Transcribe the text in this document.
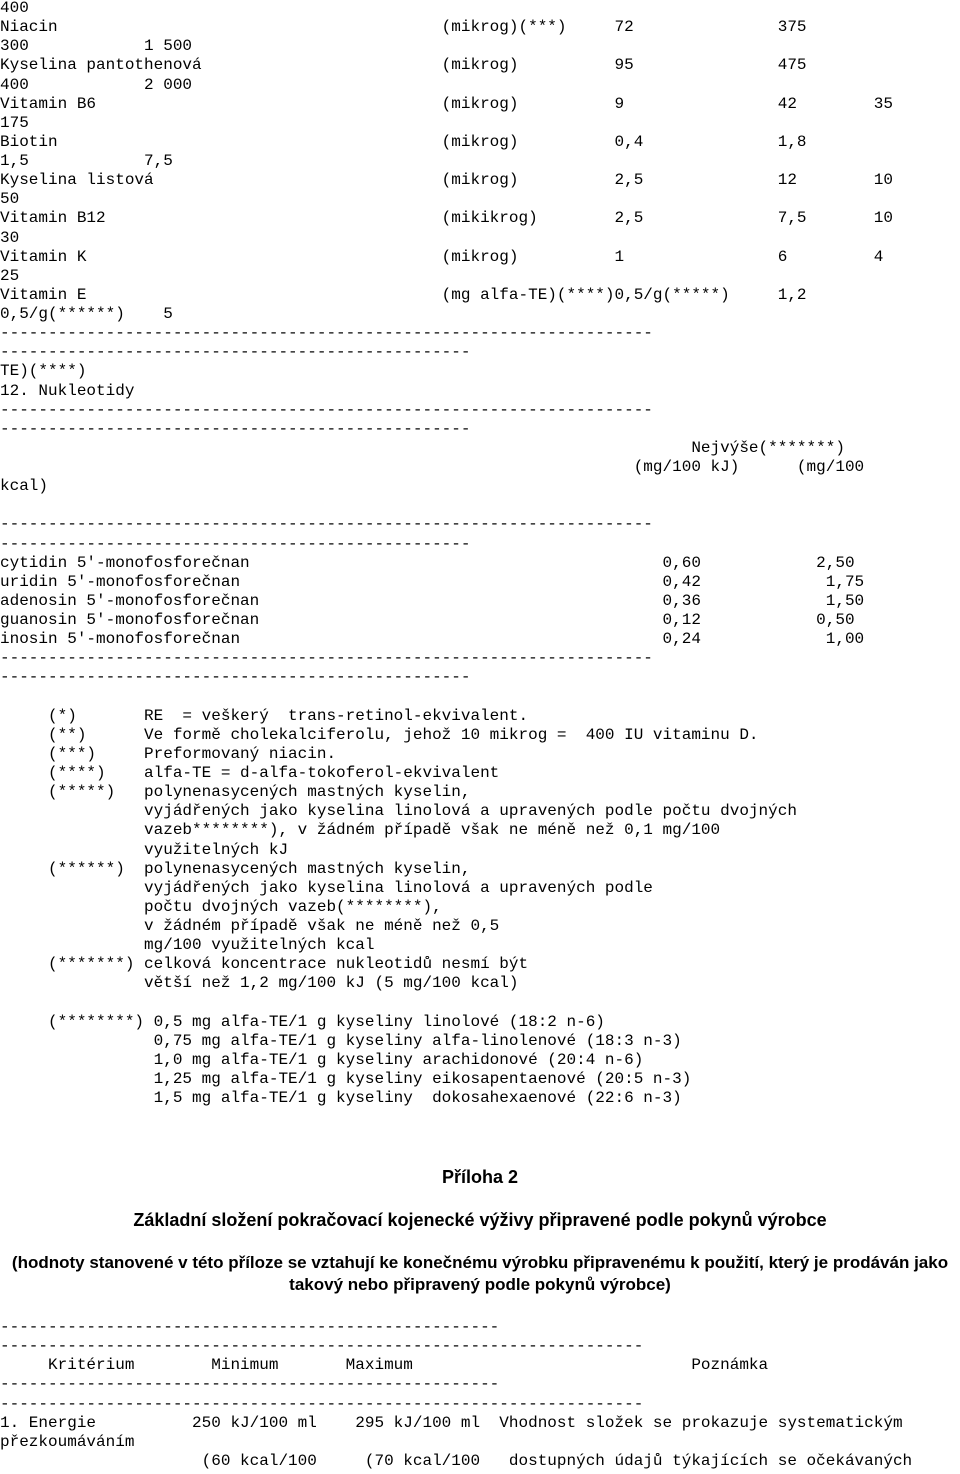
400
Niacin                                        (mikrog)(***)     72               375
300            1 500
Kyselina pantothenová                         (mikrog)          95               475
400            2 000
Vitamin B6                                    (mikrog)          9                42        35
175
Biotin                                        (mikrog)          0,4              1,8
1,5            7,5
Kyselina listová                              (mikrog)          2,5              12        10
50
Vitamin B12                                   (mikikrog)        2,5              7,5       10
30
Vitamin K                                     (mikrog)          1                6         4
25
Vitamin E                                     (mg alfa-TE)(****)0,5/g(*****)     1,2
0,5/g(******)    5
--------------------------------------------------------------------
-------------------------------------------------
TE)(****)
12. Nukleotidy
--------------------------------------------------------------------
-------------------------------------------------
Nejvýše(*******)
(mg/100 kJ)      (mg/100
kcal)

--------------------------------------------------------------------
-------------------------------------------------
cytidin 5'-monofosforečnan                                           0,60            2,50
uridin 5'-monofosforečnan                                            0,42             1,75
adenosin 5'-monofosforečnan                                          0,36             1,50
guanosin 5'-monofosforečnan                                          0,12            0,50
inosin 5'-monofosforečnan                                            0,24             1,00
--------------------------------------------------------------------
-------------------------------------------------

(*)       RE  = veškerý  trans-retinol-ekvivalent.
(**)      Ve formě cholekalciferolu, jehož 10 mikrog =  400 IU vitaminu D.
(***)     Preformovaný niacin.
(****)    alfa-TE = d-alfa-tokoferol-ekvivalent
(*****)   polynenasycených mastných kyselin,
vyjádřených jako kyselina linolová a upravených podle počtu dvojných
vazeb********), v žádném případě však ne méně než 0,1 mg/100
využitelných kJ
(******)  polynenasycených mastných kyselin,
vyjádřených jako kyselina linolová a upravených podle
počtu dvojných vazeb(********),
v žádném případě však ne méně než 0,5
mg/100 využitelných kcal
(*******) celková koncentrace nukleotidů nesmí být
větší než 1,2 mg/100 kJ (5 mg/100 kcal)

(********) 0,5 mg alfa-TE/1 g kyseliny linolové (18:2 n-6)
0,75 mg alfa-TE/1 g kyseliny alfa-linolenové (18:3 n-3)
1,0 mg alfa-TE/1 g kyseliny arachidonové (20:4 n-6)
1,25 mg alfa-TE/1 g kyseliny eikosapentaenové (20:5 n-3)
1,5 mg alfa-TE/1 g kyseliny  dokosahexaenové (22:6 n-3)
Příloha 2
Základní složení pokračovací kojenecké výživy připravené podle pokynů výrobce
(hodnoty stanovené v této příloze se vztahují ke konečnému výrobku připravenému k použití, který je prodáván jako takový nebo připravený podle pokynů výrobce)
----------------------------------------------------
-------------------------------------------------------------------
Kritérium        Minimum       Maximum                             Poznámka
----------------------------------------------------
-------------------------------------------------------------------
1. Energie          250 kJ/100 ml    295 kJ/100 ml  Vhodnost složek se prokazuje systematickým
přezkoumáváním
(60 kcal/100     (70 kcal/100   dostupných údajů týkajících se očekávaných
